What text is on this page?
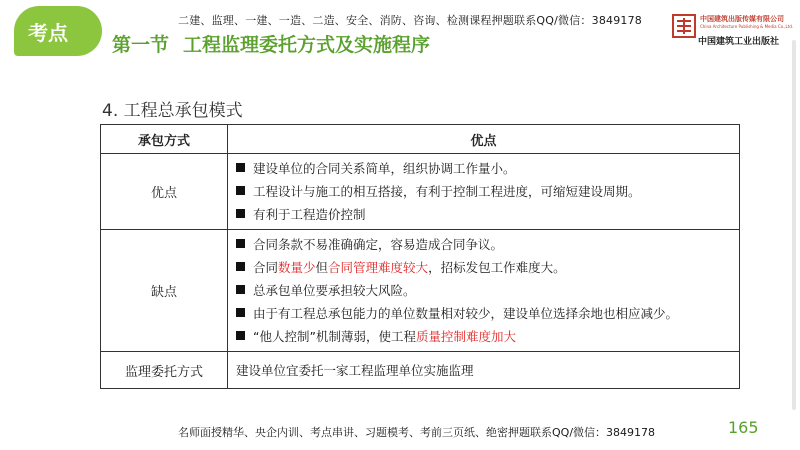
考点	二建、监理、一建、一造、二造、安全、消防、咨询、检测课程押题联系QQ/微信：3849178
第一节 工程监理委托方式及实施程序
中国建筑出版传媒有限公司
China Architecture Publishing & Media Co.,Ltd.
中国建筑工业出版社
4. 工程总承包模式
承包方式	优点
优点	建设单位的合同关系简单，组织协调工作量小。
工程设计与施工的相互搭接，有利于控制工程进度，可缩短建设周期。
有利于工程造价控制

缺点	合同条款不易准确确定，容易造成合同争议。
合同数量少但合同管理难度较大，招标发包工作难度大。
总承包单位要承担较大风险。
由于有工程总承包能力的单位数量相对较少，建设单位选择余地也相应减少。
“他人控制”机制薄弱，使工程质量控制难度加大

监理委托方式	建设单位宜委托一家工程监理单位实施监理
165
名师面授精华、央企内训、考点串讲、习题模考、考前三页纸、绝密押题联系QQ/微信：3849178
